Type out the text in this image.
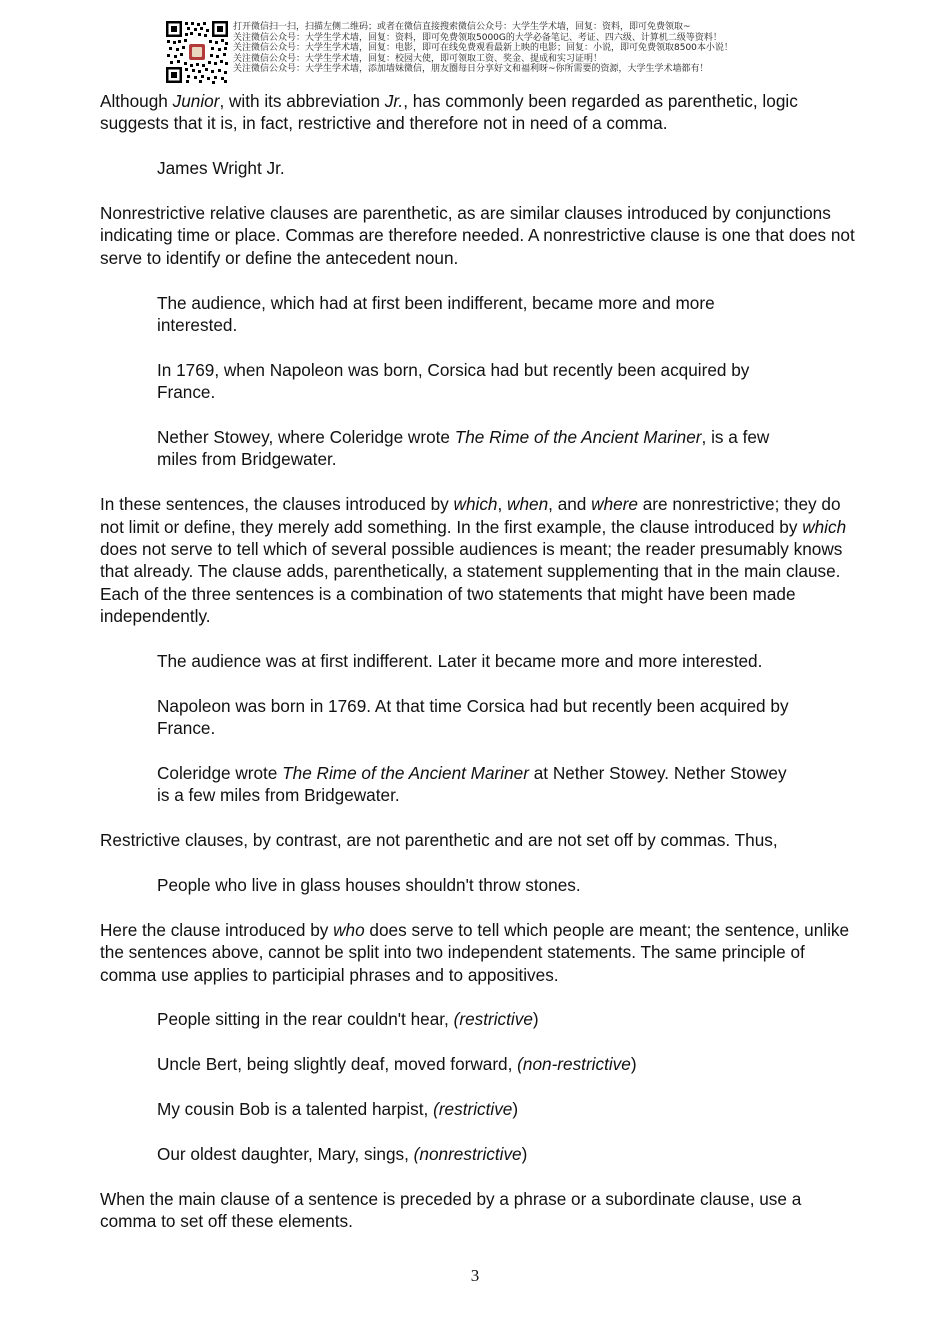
打开微信扫一扫，扫描左侧二维码；或者在微信直接搜索微信公众号：大学生学术墙，回复：资料，即可免费领取~
关注微信公众号：大学生学术墙，回复：资料，即可免费领取5000G的大学必备笔记、考证、四六级、计算机二级等资料！
关注微信公众号：大学生学术墙，回复：电影，即可在线免费观看最新上映的电影；回复：小说，即可免费领取8500本小说！
关注微信公众号：大学生学术墙，回复：校园大使，即可领取工资、奖金、提成和实习证明！
关注微信公众号：大学生学术墙，添加墙妹微信，朋友圈每日分享好文和福利呀~你所需要的资源，大学生学术墙都有！
Although Junior, with its abbreviation Jr., has commonly been regarded as parenthetic, logic suggests that it is, in fact, restrictive and therefore not in need of a comma.
James Wright Jr.
Nonrestrictive relative clauses are parenthetic, as are similar clauses introduced by conjunctions indicating time or place. Commas are therefore needed. A nonrestrictive clause is one that does not serve to identify or define the antecedent noun.
The audience, which had at first been indifferent, became more and more interested.
In 1769, when Napoleon was born, Corsica had but recently been acquired by France.
Nether Stowey, where Coleridge wrote The Rime of the Ancient Mariner, is a few miles from Bridgewater.
In these sentences, the clauses introduced by which, when, and where are nonrestrictive; they do not limit or define, they merely add something. In the first example, the clause introduced by which does not serve to tell which of several possible audiences is meant; the reader presumably knows that already. The clause adds, parenthetically, a statement supplementing that in the main clause. Each of the three sentences is a combination of two statements that might have been made independently.
The audience was at first indifferent. Later it became more and more interested.
Napoleon was born in 1769. At that time Corsica had but recently been acquired by France.
Coleridge wrote The Rime of the Ancient Mariner at Nether Stowey. Nether Stowey is a few miles from Bridgewater.
Restrictive clauses, by contrast, are not parenthetic and are not set off by commas. Thus,
People who live in glass houses shouldn't throw stones.
Here the clause introduced by who does serve to tell which people are meant; the sentence, unlike the sentences above, cannot be split into two independent statements. The same principle of comma use applies to participial phrases and to appositives.
People sitting in the rear couldn't hear, (restrictive)
Uncle Bert, being slightly deaf, moved forward, (non-restrictive)
My cousin Bob is a talented harpist, (restrictive)
Our oldest daughter, Mary, sings, (nonrestrictive)
When the main clause of a sentence is preceded by a phrase or a subordinate clause, use a comma to set off these elements.
3
